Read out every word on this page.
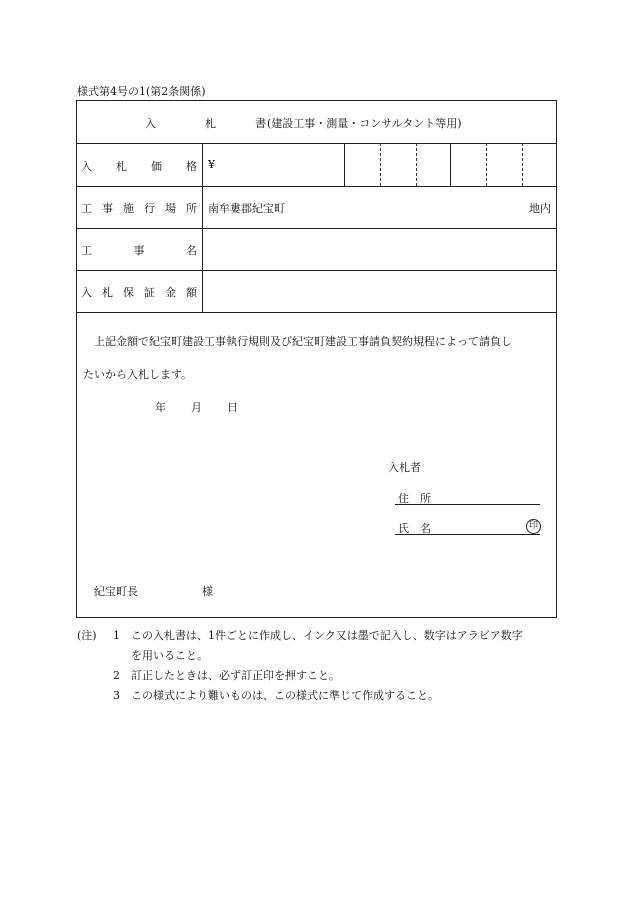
様式第4号の1(第2条関係)
入	札	書 (建設工事・測量・コンサルタント等用)
入 札 価 格 ¥
工 事 施 行 場 所 南牟婁郡紀宝町	地内
工	事	名
入 札 保 証 金 額
上記金額で紀宝町建設工事執行規則及び紀宝町建設工事請負契約規程によって請負し
たいから入札します。
年 月 日
入札者
住　所
氏　名	印
紀宝町長	様
(注)	1	この入札書は、1件ごとに作成し、インク又は墨で記入し、数字はアラビア数字
を用いること。
2	訂正したときは、必ず訂正印を押すこと。
3	この様式により難いものは、この様式に準じて作成すること。
